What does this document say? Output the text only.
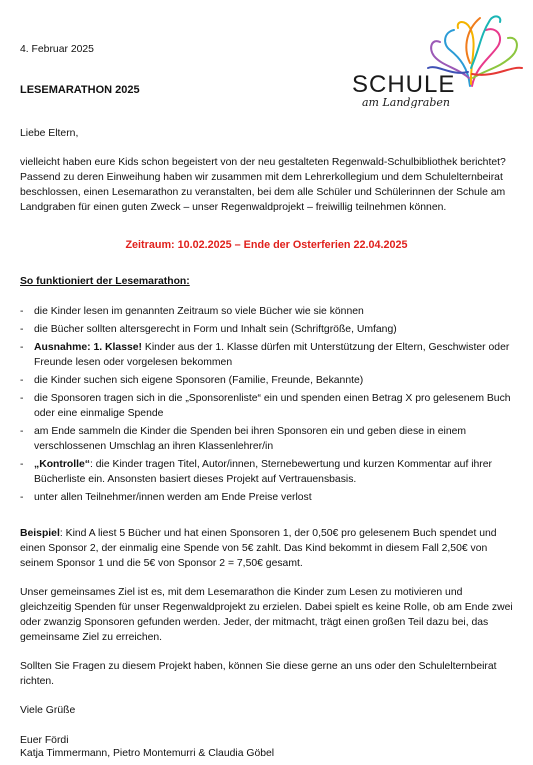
4. Februar 2025
LESEMARATHON 2025	SCHULE
am Landgraben
Liebe Eltern,
vielleicht haben eure Kids schon begeistert von der neu gestalteten Regenwald-Schulbibliothek berichtet? Passend zu deren Einweihung haben wir zusammen mit dem Lehrerkollegium und dem Schulelternbeirat beschlossen, einen Lesemarathon zu veranstalten, bei dem alle Schüler und Schülerinnen der Schule am Landgraben für einen guten Zweck – unser Regenwaldprojekt – freiwillig teilnehmen können.
Zeitraum: 10.02.2025 – Ende der Osterferien 22.04.2025
So funktioniert der Lesemarathon:
- die Kinder lesen im genannten Zeitraum so viele Bücher wie sie können
- die Bücher sollten altersgerecht in Form und Inhalt sein (Schriftgröße, Umfang)
- Ausnahme: 1. Klasse! Kinder aus der 1. Klasse dürfen mit Unterstützung der Eltern, Geschwister oder Freunde lesen oder vorgelesen bekommen
- die Kinder suchen sich eigene Sponsoren (Familie, Freunde, Bekannte)
- die Sponsoren tragen sich in die „Sponsorenliste“ ein und spenden einen Betrag X pro gelesenem Buch oder eine einmalige Spende
- am Ende sammeln die Kinder die Spenden bei ihren Sponsoren ein und geben diese in einem verschlossenen Umschlag an ihren Klassenlehrer/in
- „Kontrolle“: die Kinder tragen Titel, Autor/innen, Sternebewertung und kurzen Kommentar auf ihrer Bücherliste ein. Ansonsten basiert dieses Projekt auf Vertrauensbasis.
- unter allen Teilnehmer/innen werden am Ende Preise verlost
Beispiel: Kind A liest 5 Bücher und hat einen Sponsoren 1, der 0,50€ pro gelesenem Buch spendet und einen Sponsor 2, der einmalig eine Spende von 5€ zahlt. Das Kind bekommt in diesem Fall 2,50€ von seinem Sponsor 1 und die 5€ von Sponsor 2 = 7,50€ gesamt.
Unser gemeinsames Ziel ist es, mit dem Lesemarathon die Kinder zum Lesen zu motivieren und gleichzeitig Spenden für unser Regenwaldprojekt zu erzielen. Dabei spielt es keine Rolle, ob am Ende zwei oder zwanzig Sponsoren gefunden werden. Jeder, der mitmacht, trägt einen großen Teil dazu bei, das gemeinsame Ziel zu erreichen.
Sollten Sie Fragen zu diesem Projekt haben, können Sie diese gerne an uns oder den Schulelternbeirat richten.
Viele Grüße
Euer Fördi
Katja Timmermann, Pietro Montemurri & Claudia Göbel
